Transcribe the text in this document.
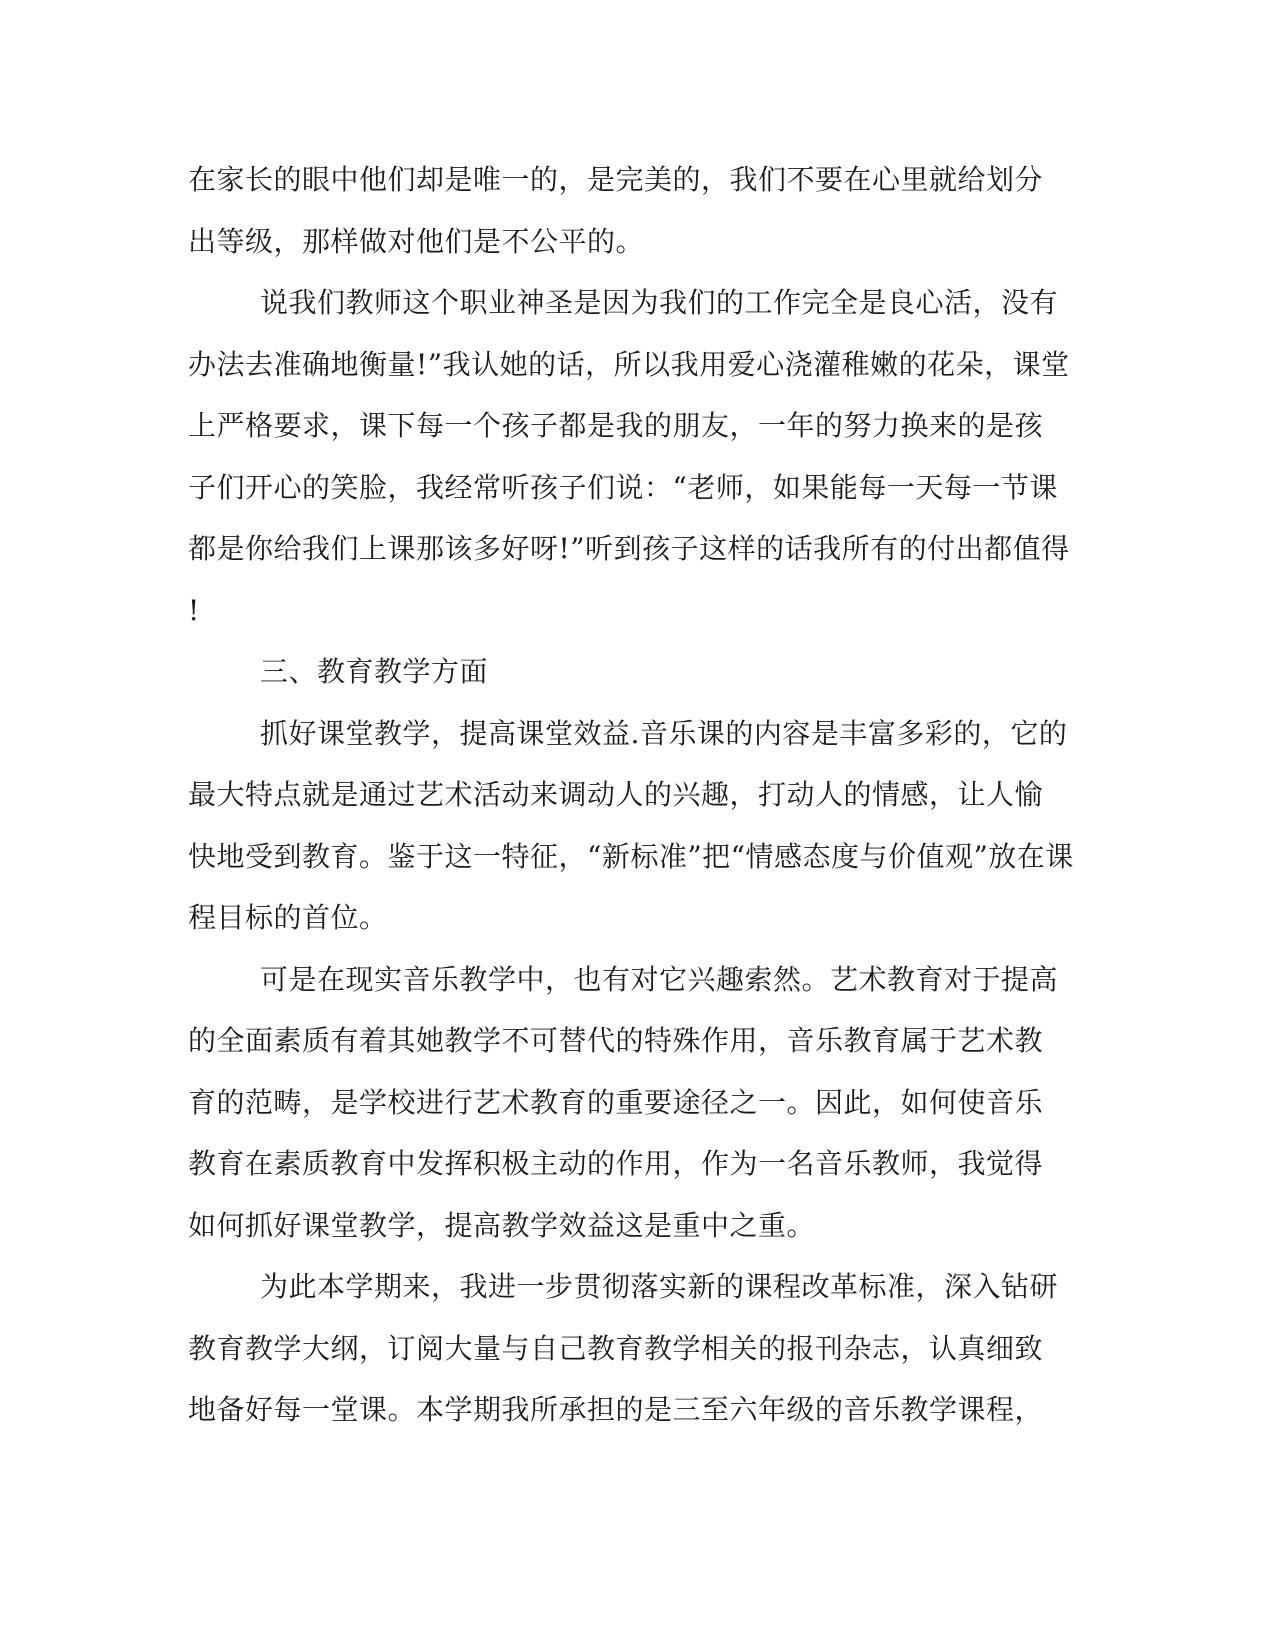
在家长的眼中他们却是唯一的，是完美的，我们不要在心里就给划分
出等级，那样做对他们是不公平的。
说我们教师这个职业神圣是因为我们的工作完全是良心活，没有
办法去准确地衡量!”我认她的话，所以我用爱心浇灌稚嫩的花朵，课堂
上严格要求，课下每一个孩子都是我的朋友，一年的努力换来的是孩
子们开心的笑脸，我经常听孩子们说：“老师，如果能每一天每一节课
都是你给我们上课那该多好呀!”听到孩子这样的话我所有的付出都值得
!
三、教育教学方面
抓好课堂教学，提高课堂效益.音乐课的内容是丰富多彩的，它的
最大特点就是通过艺术活动来调动人的兴趣，打动人的情感，让人愉
快地受到教育。鉴于这一特征，“新标准”把“情感态度与价值观”放在课
程目标的首位。
可是在现实音乐教学中，也有对它兴趣索然。艺术教育对于提高
的全面素质有着其她教学不可替代的特殊作用，音乐教育属于艺术教
育的范畴，是学校进行艺术教育的重要途径之一。因此，如何使音乐
教育在素质教育中发挥积极主动的作用，作为一名音乐教师，我觉得
如何抓好课堂教学，提高教学效益这是重中之重。
为此本学期来，我进一步贯彻落实新的课程改革标准，深入钻研
教育教学大纲，订阅大量与自己教育教学相关的报刊杂志，认真细致
地备好每一堂课。本学期我所承担的是三至六年级的音乐教学课程，
